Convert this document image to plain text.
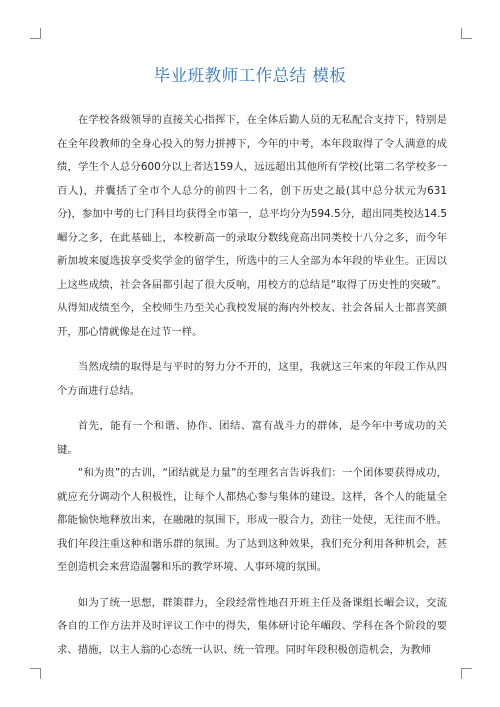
毕业班教师工作总结 模板

在学校各级领导的直接关心指挥下，在全体后勤人员的无私配合支持下，特别是在全年段教师的全身心投入的努力拼搏下，今年的中考，本年段取得了令人满意的成绩，学生个人总分600分以上者达159人，远远超出其他所有学校(比第二名学校多一百人)，并囊括了全市个人总分的前四十二名，创下历史之最(其中总分状元为631分)，参加中考的七门科目均获得全市第一，总平均分为594.5分，超出同类校达14.5嵋分之多，在此基础上，本校新高一的录取分数线竟高出同类校十八分之多，而今年新加坡来厦选拔享受奖学金的留学生，所选中的三人全部为本年段的毕业生。正因以上这些成绩，社会各届都引起了很大反响，用校方的总结是“取得了历史性的突破”。从得知成绩至今，全校师生乃至关心我校发展的海内外校友、社会各届人士都喜笑颜开，那心情就像是在过节一样。

当然成绩的取得是与平时的努力分不开的，这里，我就这三年来的年段工作从四个方面进行总结。

首先，能有一个和谐、协作、团结、富有战斗力的群体，是今年中考成功的关键。

“和为贵”的古训，“团结就是力量”的至理名言告诉我们：一个团体要获得成功，就应充分调动个人积极性，让每个人都热心参与集体的建设。这样，各个人的能量全都能愉快地释放出来，在融融的氛围下，形成一股合力，劲往一处使，无往而不胜。我们年段注重这种和谐乐群的氛围。为了达到这种效果，我们充分利用各种机会，甚至创造机会来营造温馨和乐的教学环境、人事环境的氛围。

如为了统一思想，群策群力，全段经常性地召开班主任及备课组长嵋会议，交流各自的工作方法并及时评议工作中的得失，集体研讨论年嵋段、学科在各个阶段的要求、措施，以主人翁的心态统一认识、统一管理。同时年段积极创造机会，为教师
